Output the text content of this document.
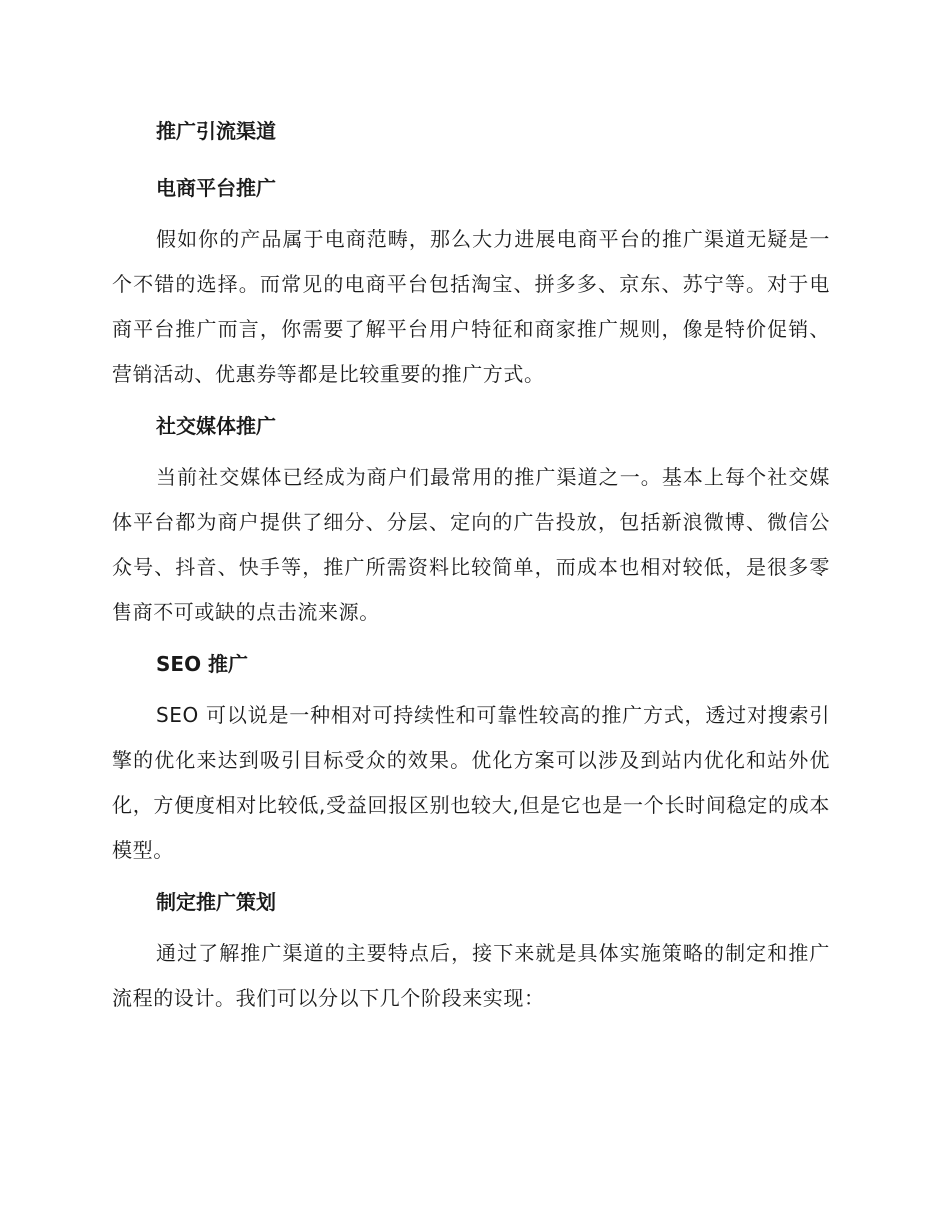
推广引流渠道
电商平台推广

假如你的产品属于电商范畴，那么大力进展电商平台的推广渠道无疑是一个不错的选择。而常见的电商平台包括淘宝、拼多多、京东、苏宁等。对于电商平台推广而言，你需要了解平台用户特征和商家推广规则，像是特价促销、营销活动、优惠券等都是比较重要的推广方式。

社交媒体推广

当前社交媒体已经成为商户们最常用的推广渠道之一。基本上每个社交媒体平台都为商户提供了细分、分层、定向的广告投放，包括新浪微博、微信公众号、抖音、快手等，推广所需资料比较简单，而成本也相对较低，是很多零售商不可或缺的点击流来源。

SEO 推广

SEO 可以说是一种相对可持续性和可靠性较高的推广方式，透过对搜索引擎的优化来达到吸引目标受众的效果。优化方案可以涉及到站内优化和站外优化，方便度相对比较低,受益回报区别也较大,但是它也是一个长时间稳定的成本模型。

制定推广策划

通过了解推广渠道的主要特点后，接下来就是具体实施策略的制定和推广流程的设计。我们可以分以下几个阶段来实现：
